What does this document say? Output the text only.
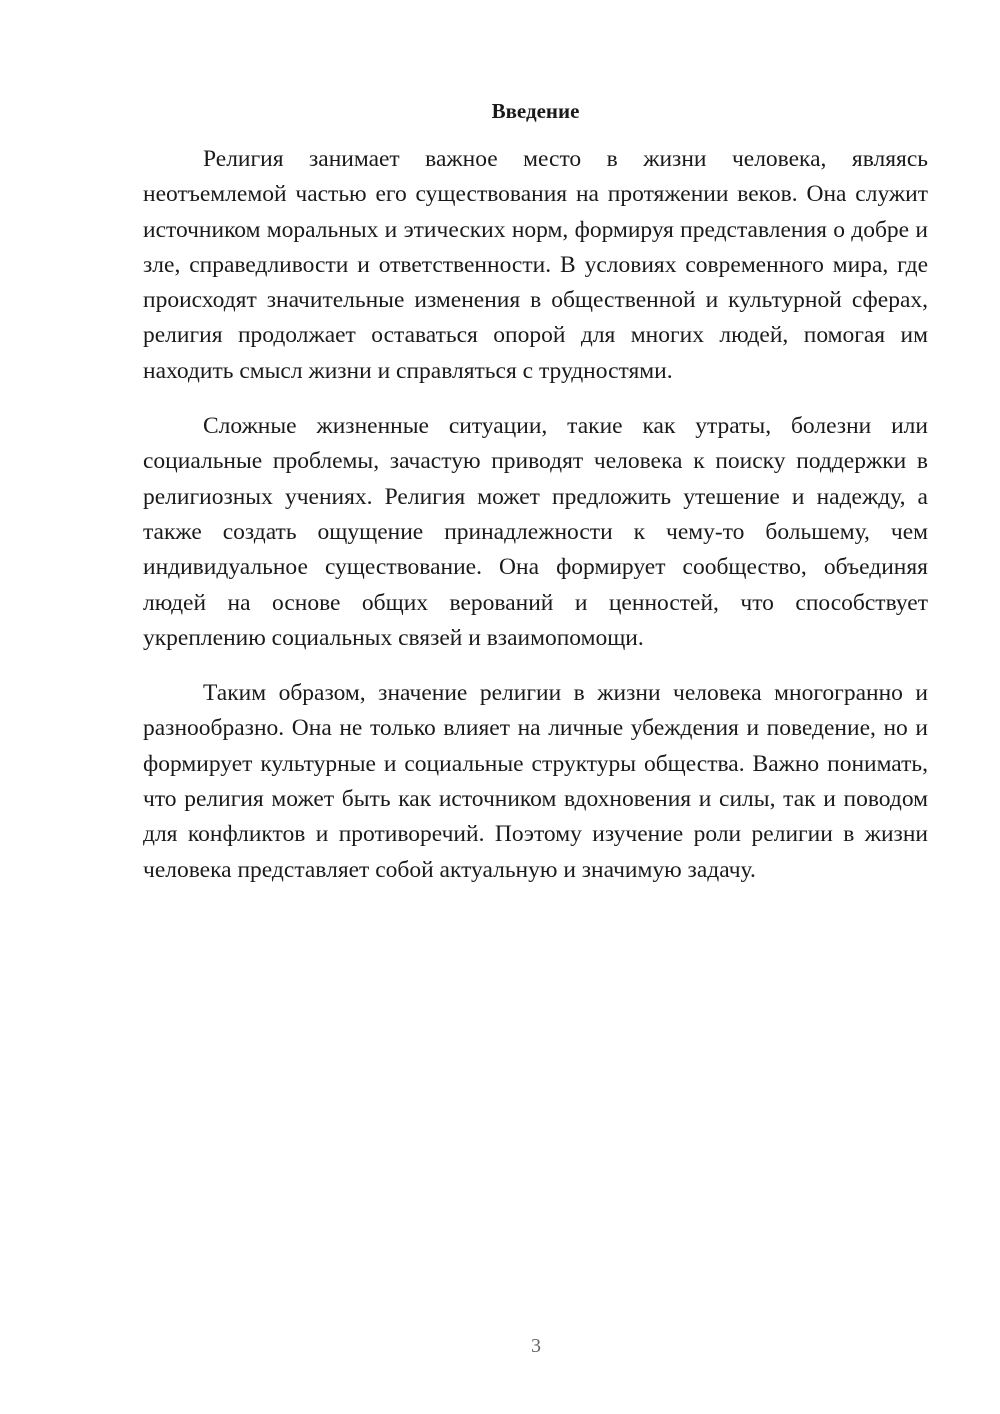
Введение

Религия занимает важное место в жизни человека, являясь неотъемлемой частью его существования на протяжении веков. Она служит источником моральных и этических норм, формируя представления о добре и зле, справедливости и ответственности. В условиях современного мира, где происходят значительные изменения в общественной и культурной сферах, религия продолжает оставаться опорой для многих людей, помогая им находить смысл жизни и справляться с трудностями.

Сложные жизненные ситуации, такие как утраты, болезни или социальные проблемы, зачастую приводят человека к поиску поддержки в религиозных учениях. Религия может предложить утешение и надежду, а также создать ощущение принадлежности к чему-то большему, чем индивидуальное существование. Она формирует сообщество, объединяя людей на основе общих верований и ценностей, что способствует укреплению социальных связей и взаимопомощи.

Таким образом, значение религии в жизни человека многогранно и разнообразно. Она не только влияет на личные убеждения и поведение, но и формирует культурные и социальные структуры общества. Важно понимать, что религия может быть как источником вдохновения и силы, так и поводом для конфликтов и противоречий. Поэтому изучение роли религии в жизни человека представляет собой актуальную и значимую задачу.

3
